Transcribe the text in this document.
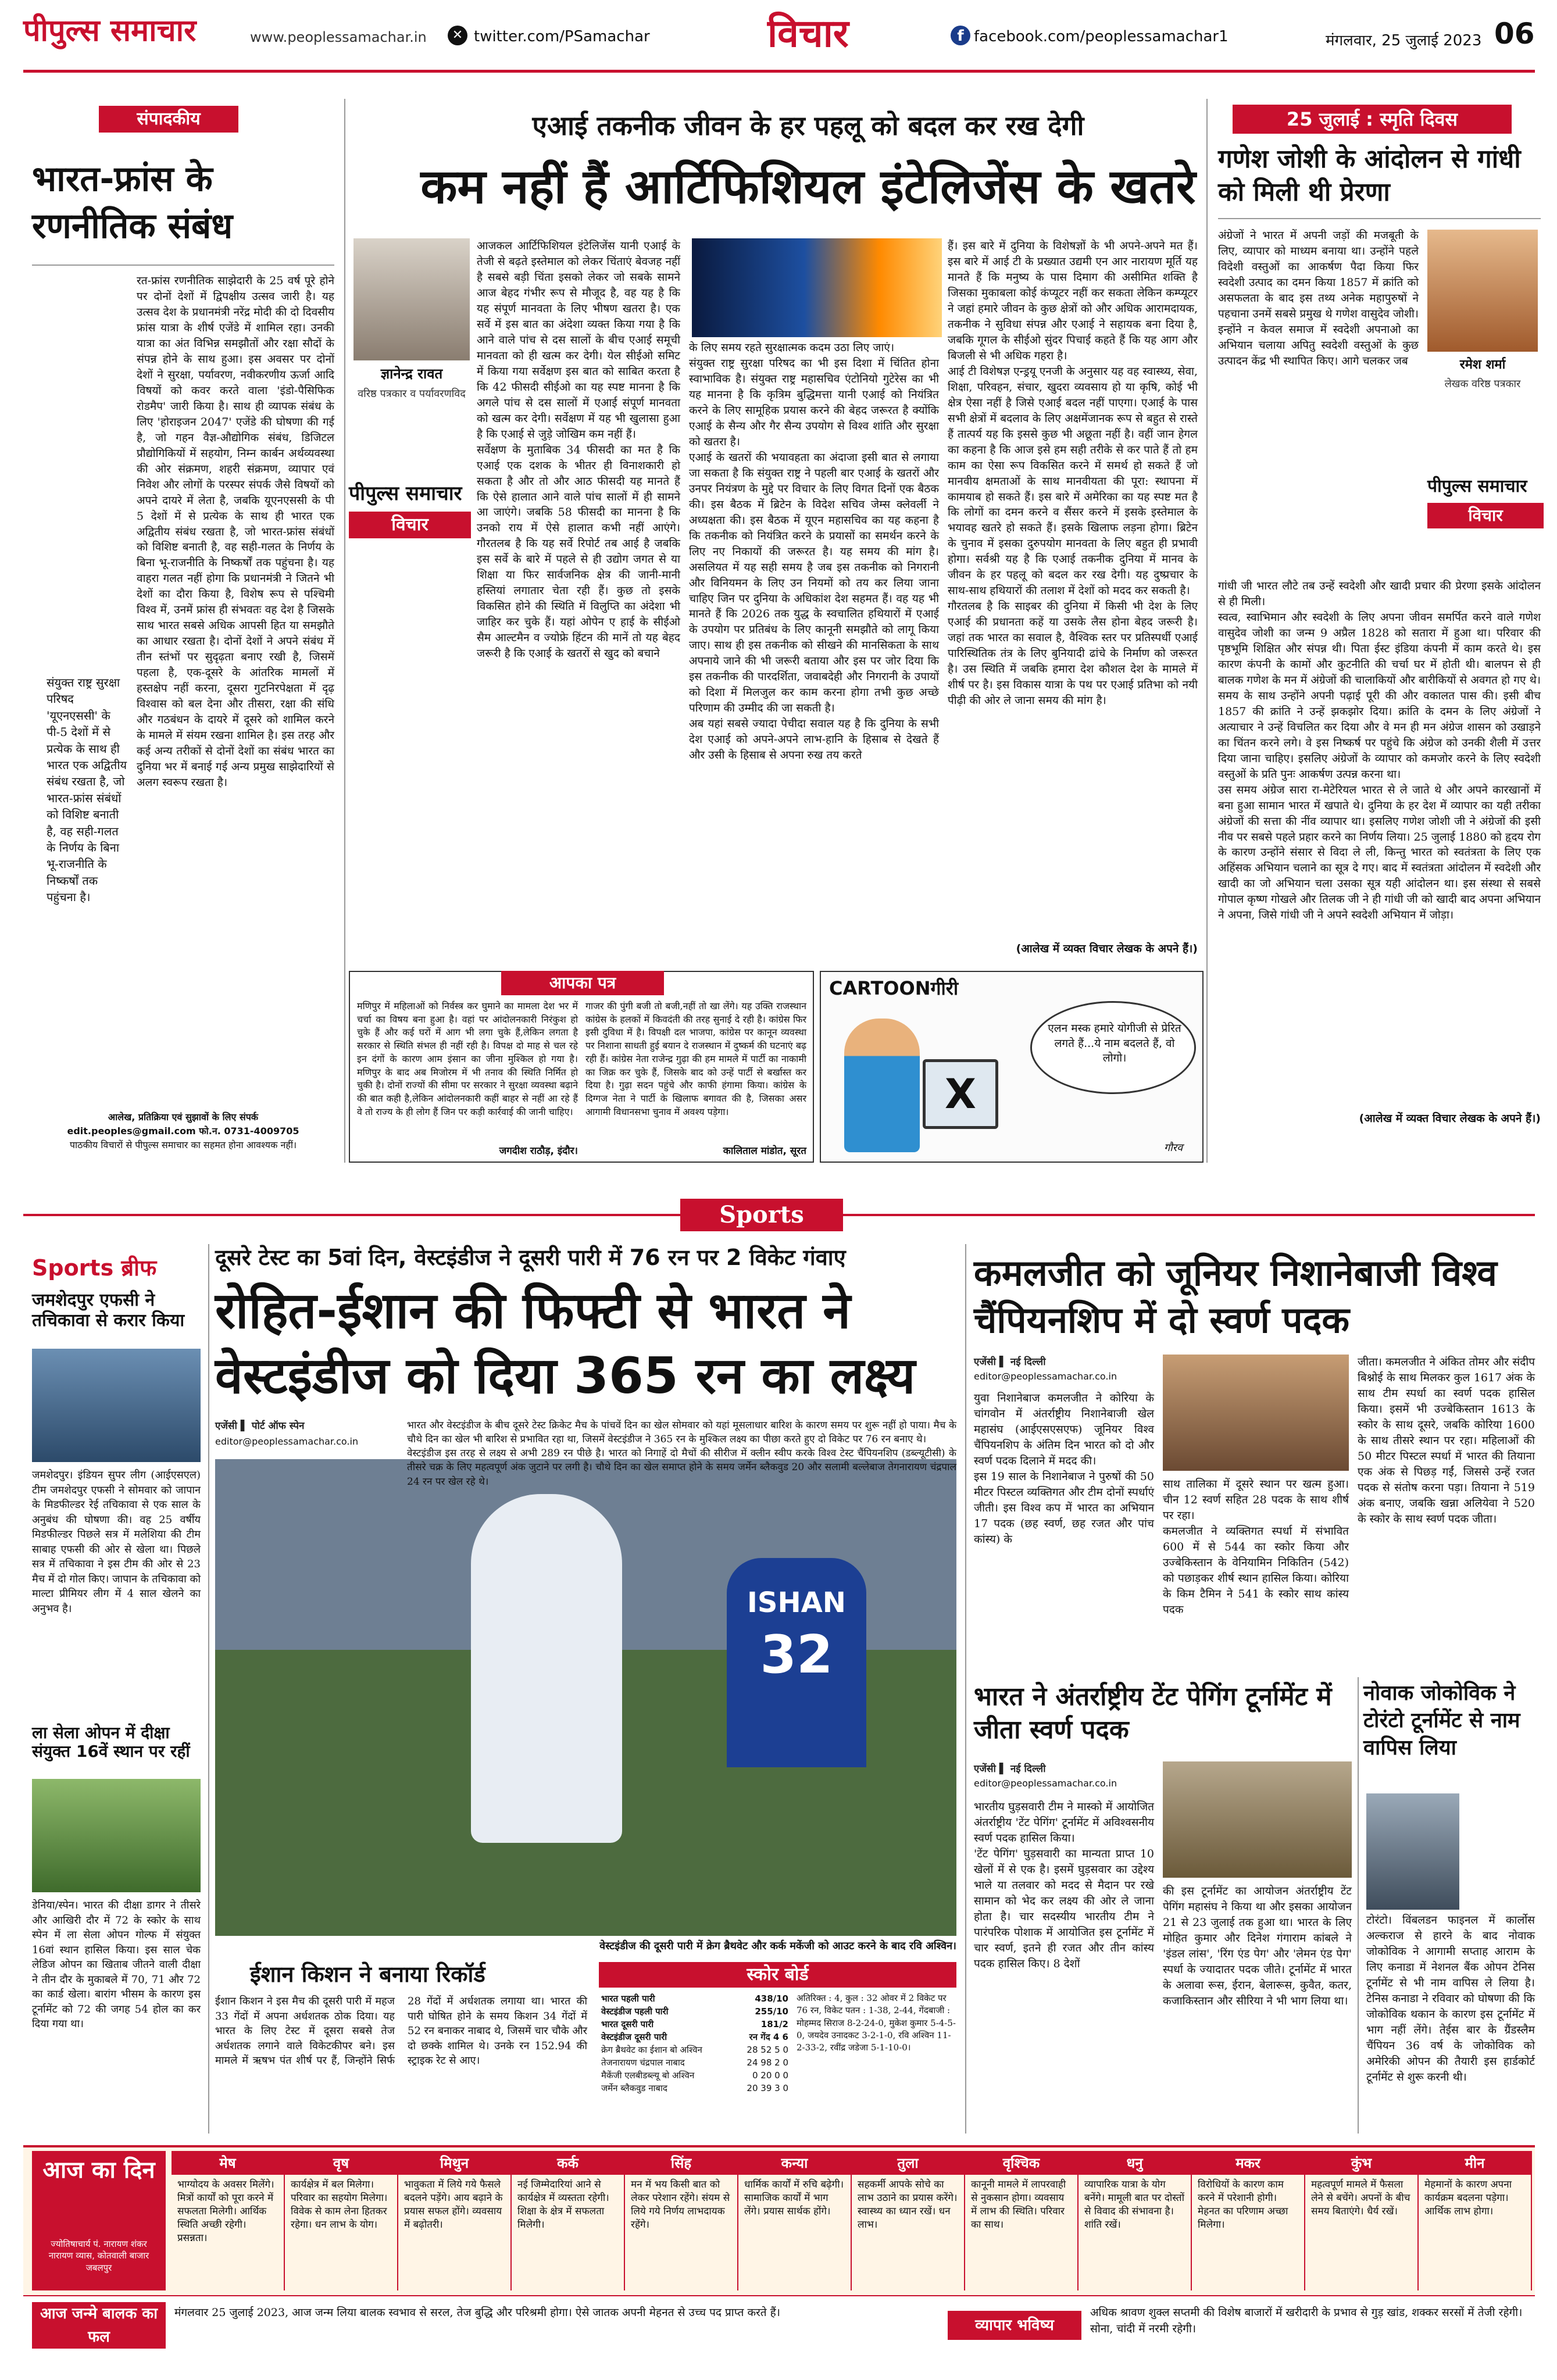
पीपुल्स समाचार	www.peoplessamachar.in	✕ twitter.com/PSamachar	विचार	f facebook.com/peoplessamachar1	मंगलवार, 25 जुलाई 2023 06
संपादकीय
भारत-फ्रांस के रणनीतिक संबंध
संयुक्त राष्ट्र सुरक्षा परिषद 'यूएनएससी' के पी-5 देशों में से प्रत्येक के साथ ही भारत एक अद्वितीय संबंध रखता है, जो भारत-फ्रांस संबंधों को विशिष्ट बनाती है, वह सही-गलत के निर्णय के बिना भू-राजनीति के निष्कर्षों तक पहुंचना है।
रत-फ्रांस रणनीतिक साझेदारी के 25 वर्ष पूरे होने पर दोनों देशों में द्विपक्षीय उत्सव जारी है। यह उत्सव देश के प्रधानमंत्री नरेंद्र मोदी की दो दिवसीय फ्रांस यात्रा के शीर्ष एजेंडे में शामिल रहा। उनकी यात्रा का अंत विभिन्न समझौतों और रक्षा सौदों के संपन्न होने के साथ हुआ। इस अवसर पर दोनों देशों ने सुरक्षा, पर्यावरण, नवीकरणीय ऊर्जा आदि विषयों को कवर करते वाला 'इंडो-पैसिफिक रोडमैप' जारी किया है। साथ ही व्यापक संबंध के लिए 'होराइजन 2047' एजेंडे की घोषणा की गई है, जो गहन वैज्ञ-औद्योगिक संबंध, डिजिटल प्रौद्योगिकियों में सहयोग, निम्न कार्बन अर्थव्यवस्था की ओर संक्रमण, शहरी संक्रमण, व्यापार एवं निवेश और लोगों के परस्पर संपर्क जैसे विषयों को अपने दायरे में लेता है, जबकि यूएनएससी के पी 5 देशों में से प्रत्येक के साथ ही भारत एक अद्वितीय संबंध रखता है, जो भारत-फ्रांस संबंधों को विशिष्ट बनाती है, वह सही-गलत के निर्णय के बिना भू-राजनीति के निष्कर्षों तक पहुंचना है। यह वाहरा गलत नहीं होगा कि प्रधानमंत्री ने जितने भी देशों का दौरा किया है, विशेष रूप से पश्चिमी विश्व में, उनमें फ्रांस ही संभवतः वह देश है जिसके साथ भारत सबसे अधिक आपसी हित या समझौते का आधार रखता है। दोनों देशों ने अपने संबंध में तीन स्तंभों पर सुदृढ़ता बनाए रखी है, जिसमें पहला है, एक-दूसरे के आंतरिक मामलों में हस्तक्षेप नहीं करना, दूसरा गुटनिरपेक्षता में दृढ़ विश्वास को बल देना और तीसरा, रक्षा की संधि और गठबंधन के दायरे में दूसरे को शामिल करने के मामले में संयम रखना शामिल है। इस तरह और कई अन्य तरीकों से दोनों देशों का संबंध भारत का दुनिया भर में बनाई गई अन्य प्रमुख साझेदारियों से अलग स्वरूप रखता है।
आलेख, प्रतिक्रिया एवं सुझावों के लिए संपर्क
edit.peoples@gmail.com फो.न. 0731-4009705
पाठकीय विचारों से पीपुल्स समाचार का सहमत होना आवश्यक नहीं।
एआई तकनीक जीवन के हर पहलू को बदल कर रख देगी
कम नहीं हैं आर्टिफिशियल इंटेलिजेंस के खतरे
ज्ञानेन्द्र रावत
वरिष्ठ पत्रकार व पर्यावरणविद
पीपुल्स समाचार
विचार
आजकल आर्टिफिशियल इंटेलिजेंस यानी एआई के तेजी से बढ़ते इस्तेमाल को लेकर चिंताएं बेवजह नहीं है सबसे बड़ी चिंता इसको लेकर जो सबके सामने आज बेहद गंभीर रूप से मौजूद है, वह यह है कि यह संपूर्ण मानवता के लिए भीषण खतरा है। एक सर्वे में इस बात का अंदेशा व्यक्त किया गया है कि आने वाले पांच से दस सालों के बीच एआई समूची मानवता को ही खत्म कर देगी। येल सीईओ समिट में किया गया सर्वेक्षण इस बात को साबित करता है कि 42 फीसदी सीईओ का यह स्पष्ट मानना है कि अगले पांच से दस सालों में एआई संपूर्ण मानवता को खत्म कर देगी। सर्वेक्षण में यह भी खुलासा हुआ है कि एआई से जुड़े जोखिम कम नहीं हैं।
सर्वेक्षण के मुताबिक 34 फीसदी का मत है कि एआई एक दशक के भीतर ही विनाशकारी हो सकता है और तो और आठ फीसदी यह मानते हैं कि ऐसे हालात आने वाले पांच सालों में ही सामने आ जाएंगे। जबकि 58 फीसदी का मानना है कि उनको राय में ऐसे हालात कभी नहीं आएंगे। गौरतलब है कि यह सर्वे रिपोर्ट तब आई है जबकि इस सर्वे के बारे में पहले से ही उद्योग जगत से या शिक्षा या फिर सार्वजनिक क्षेत्र की जानी-मानी हस्तियां लगातार चेता रही हैं। कुछ तो इसके विकसित होने की स्थिति में विलुप्ति का अंदेशा भी जाहिर कर चुके हैं। यहां ओपेन ए हाई के सीईओ सैम आल्टमैन व ज्योफ्रे हिंटन की मानें तो यह बेहद जरूरी है कि एआई के खतरों से खुद को बचाने
के लिए समय रहते सुरक्षात्मक कदम उठा लिए जाएं।
संयुक्त राष्ट्र सुरक्षा परिषद का भी इस दिशा में चिंतित होना स्वाभाविक है। संयुक्त राष्ट्र महासचिव एंटोनियो गुटेरेस का भी यह मानना है कि कृत्रिम बुद्धिमत्ता यानी एआई को नियंत्रित करने के लिए सामूहिक प्रयास करने की बेहद जरूरत है क्योंकि एआई के सैन्य और गैर सैन्य उपयोग से विश्व शांति और सुरक्षा को खतरा है।
एआई के खतरों की भयावहता का अंदाजा इसी बात से लगाया जा सकता है कि संयुक्त राष्ट्र ने पहली बार एआई के खतरों और उनपर नियंत्रण के मुद्दे पर विचार के लिए विगत दिनों एक बैठक की। इस बैठक में ब्रिटेन के विदेश सचिव जेम्स क्लेवर्ली ने अध्यक्षता की। इस बैठक में यूएन महासचिव का यह कहना है कि तकनीक को नियंत्रित करने के प्रयासों का समर्थन करने के लिए नए निकायों की जरूरत है। यह समय की मांग है। असलियत में यह सही समय है जब इस तकनीक को निगरानी और विनियमन के लिए उन नियमों को तय कर लिया जाना चाहिए जिन पर दुनिया के अधिकांश देश सहमत हैं। वह यह भी मानते हैं कि 2026 तक युद्ध के स्वचालित हथियारों में एआई के उपयोग पर प्रतिबंध के लिए कानूनी समझौते को लागू किया जाए। साथ ही इस तकनीक को सीखने की मानसिकता के साथ अपनाये जाने की भी जरूरी बताया और इस पर जोर दिया कि इस तकनीक की पारदर्शिता, जवाबदेही और निगरानी के उपायों को दिशा में मिलजुल कर काम करना होगा तभी कुछ अच्छे परिणाम की उम्मीद की जा सकती है।
अब यहां सबसे ज्यादा पेचीदा सवाल यह है कि दुनिया के सभी देश एआई को अपने-अपने लाभ-हानि के हिसाब से देखते हैं और उसी के हिसाब से अपना रुख तय करते
हैं। इस बारे में दुनिया के विशेषज्ञों के भी अपने-अपने मत हैं। इस बारे में आई टी के प्रख्यात उद्यमी एन आर नारायण मूर्ति यह मानते हैं कि मनुष्य के पास दिमाग की असीमित शक्ति है जिसका मुकाबला कोई कंप्यूटर नहीं कर सकता लेकिन कम्प्यूटर ने जहां हमारे जीवन के कुछ क्षेत्रों को और अधिक आरामदायक, तकनीक ने सुविधा संपन्न और एआई ने सहायक बना दिया है, जबकि गूगल के सीईओ सुंदर पिचाई कहते हैं कि यह आग और बिजली से भी अधिक गहरा है।
आई टी विशेषज्ञ एन्ड्रयू एनजी के अनुसार यह वह स्वास्थ्य, सेवा, शिक्षा, परिवहन, संचार, खुदरा व्यवसाय हो या कृषि, कोई भी क्षेत्र ऐसा नहीं है जिसे एआई बदल नहीं पाएगा। एआई के पास सभी क्षेत्रों में बदलाव के लिए अक्षमेंजानक रूप से बहुत से रास्ते हैं तात्पर्य यह कि इससे कुछ भी अछूता नहीं है। वहीं जान हेगल का कहना है कि आज इसे हम सही तरीके से कर पाते हैं तो हम काम का ऐसा रूप विकसित करने में समर्थ हो सकते हैं जो मानवीय क्षमताओं के साथ मानवीयता की पूरा: स्थापना में कामयाब हो सकते हैं। इस बारे में अमेरिका का यह स्पष्ट मत है कि लोगों का दमन करने व सैंसर करने में इसके इस्तेमाल के भयावह खतरे हो सकते हैं। इसके खिलाफ लड़ना होगा। ब्रिटेन के चुनाव में इसका दुरुपयोग मानवता के लिए बहुत ही प्रभावी होगा। सर्वश्री यह है कि एआई तकनीक दुनिया में मानव के जीवन के हर पहलू को बदल कर रख देगी। यह दुष्प्रचार के साथ-साथ हथियारों की तलाश में देशों को मदद कर सकती है।
गौरतलब है कि साइबर की दुनिया में किसी भी देश के लिए एआई की प्रधानता कहें या उसके लैस होना बेहद जरूरी है। जहां तक भारत का सवाल है, वैश्विक स्तर पर प्रतिस्पर्धी एआई पारिस्थितिक तंत्र के लिए बुनियादी ढांचे के निर्माण को जरूरत है। उस स्थिति में जबकि हमारा देश कौशल देश के मामले में शीर्ष पर है। इस विकास यात्रा के पथ पर एआई प्रतिभा को नयी पीढ़ी की ओर ले जाना समय की मांग है।
(आलेख में व्यक्त विचार लेखक के अपने हैं।)
25 जुलाई : स्मृति दिवस
गणेश जोशी के आंदोलन से गांधी को मिली थी प्रेरणा
अंग्रेजों ने भारत में अपनी जड़ों की मजबूती के लिए, व्यापार को माध्यम बनाया था। उन्होंने पहले विदेशी वस्तुओं का आकर्षण पैदा किया फिर स्वदेशी उत्पाद का दमन किया 1857 में क्रांति को असफलता के बाद इस तथ्य अनेक महापुरुषों ने पहचाना उनमें सबसे प्रमुख थे गणेश वासुदेव जोशी। इन्होंने न केवल समाज में स्वदेशी अपनाओ का अभियान चलाया अपितु स्वदेशी वस्तुओं के कुछ उत्पादन केंद्र भी स्थापित किए। आगे चलकर जब	रमेश शर्मा
लेखक वरिष्ठ पत्रकार
पीपुल्स समाचार
विचार
गांधी जी भारत लौटे तब उन्हें स्वदेशी और खादी प्रचार की प्रेरणा इसके आंदोलन से ही मिली।
स्वत्व, स्वाभिमान और स्वदेशी के लिए अपना जीवन समर्पित करने वाले गणेश वासुदेव जोशी का जन्म 9 अप्रैल 1828 को सतारा में हुआ था। परिवार की पृष्ठभूमि शिक्षित और संपन्न थी। पिता ईस्ट इंडिया कंपनी में काम करते थे। इस कारण कंपनी के कामों और कुटनीति की चर्चा घर में होती थी। बालपन से ही बालक गणेश के मन में अंग्रेजों की चालाकियों और बारीकियों से अवगत हो गए थे। समय के साथ उन्होंने अपनी पढ़ाई पूरी की और वकालत पास की। इसी बीच 1857 की क्रांति ने उन्हें झकझोर दिया। क्रांति के दमन के लिए अंग्रेजों ने अत्याचार ने उन्हें विचलित कर दिया और वे मन ही मन अंग्रेज शासन को उखाड़ने का चिंतन करने लगे। वे इस निष्कर्ष पर पहुंचे कि अंग्रेज को उनकी शैली में उत्तर दिया जाना चाहिए। इसलिए अंग्रेजों के व्यापार को कमजोर करने के लिए स्वदेशी वस्तुओं के प्रति पुनः आकर्षण उत्पन्न करना था।
उस समय अंग्रेज सारा रा-मेटेरियल भारत से ले जाते थे और अपने कारखानों में बना हुआ सामान भारत में खपाते थे। दुनिया के हर देश में व्यापार का यही तरीका अंग्रेजों की सत्ता की नींव व्यापार था। इसलिए गणेश जोशी जी ने अंग्रेजों की इसी नीव पर सबसे पहले प्रहार करने का निर्णय लिया। 25 जुलाई 1880 को हृदय रोग के कारण उन्होंने संसार से विदा ले ली, किन्तु भारत को स्वतंत्रता के लिए एक अहिंसक अभियान चलाने का सूत्र दे गए। बाद में स्वतंत्रता आंदोलन में स्वदेशी और खादी का जो अभियान चला उसका सूत्र यही आंदोलन था। इस संस्था से सबसे गोपाल कृष्ण गोखले और तिलक जी ने ही गांधी जी को खादी बाद अपना अभियान ने अपना, जिसे गांधी जी ने अपने स्वदेशी अभियान में जोड़ा।
(आलेख में व्यक्त विचार लेखक के अपने हैं।)
आपका पत्र
मणिपुर में महिलाओं को निर्वस्त्र कर घुमाने का मामला देश भर में चर्चा का विषय बना हुआ है। वहां पर आंदोलनकारी निरंकुश हो चुके हैं और कई घरों में आग भी लगा चुके हैं,लेकिन लगता है सरकार से स्थिति संभल ही नहीं रही है। विपक्ष दो माह से चल रहे इन दंगों के कारण आम इंसान का जीना मुश्किल हो गया है। मणिपुर के बाद अब मिजोरम में भी तनाव की स्थिति निर्मित हो चुकी है। दोनों राज्यों की सीमा पर सरकार ने सुरक्षा व्यवस्था बढ़ाने की बात कही है,लेकिन आंदोलनकारी कहीं बाहर से नहीं आ रहे हैं वे तो राज्य के ही लोग हैं जिन पर कड़ी कार्रवाई की जानी चाहिए।
जगदीश राठौड़, इंदौर।
गाजर की पुंगी बजी तो बजी,नहीं तो खा लेंगे। यह उक्ति राजस्थान कांग्रेस के हलकों में किवदंती की तरह सुनाई दे रही है। कांग्रेस फिर इसी दुविधा में है। विपक्षी दल भाजपा, कांग्रेस पर कानून व्यवस्था पर निशाना साधती हुई बयान दे राजस्थान में दुष्कर्म की घटनाएं बढ़ रही हैं। कांग्रेस नेता राजेन्द्र गुढ़ा की हम मामले में पार्टी का नाकामी का जिक्र कर चुके हैं, जिसके बाद को उन्हें पार्टी से बर्खास्त कर दिया है। गुढ़ा सदन पहुंचे और काफी हंगामा किया। कांग्रेस के दिग्गज नेता ने पार्टी के खिलाफ बगावत की है, जिसका असर आगामी विधानसभा चुनाव में अवश्य पड़ेगा।
कालिताल मांडोत, सूरत
CARTOONगीरी
X
एलन मस्क हमारे योगीजी से प्रेरित लगते हैं...ये नाम बदलते हैं, वो लोगो।
गौरव
Sports
Sports ब्रीफ
जमशेदपुर एफसी ने तचिकावा से करार किया
जमशेदपुर। इंडियन सुपर लीग (आईएसएल) टीम जमशेदपुर एफसी ने सोमवार को जापान के मिडफील्डर रेई तचिकावा से एक साल के अनुबंध की घोषणा की। वह 25 वर्षीय मिडफील्डर पिछले सत्र में मलेशिया की टीम साबाह एफसी की ओर से खेला था। पिछले सत्र में तचिकावा ने इस टीम की ओर से 23 मैच में दो गोल किए। जापान के तचिकावा को माल्टा प्रीमियर लीग में 4 साल खेलने का अनुभव है।
ला सेला ओपन में दीक्षा संयुक्त 16वें स्थान पर रहीं
डेनिया/स्पेन। भारत की दीक्षा डागर ने तीसरे और आखिरी दौर में 72 के स्कोर के साथ स्पेन में ला सेला ओपन गोल्फ में संयुक्त 16वां स्थान हासिल किया। इस साल चेक लेडिज ओपन का खिताब जीतने वाली दीक्षा ने तीन दौर के मुकाबले में 70, 71 और 72 का कार्ड खेला। बारांग भीसम के कारण इस टूर्नामेंट को 72 की जगह 54 होल का कर दिया गया था।
दूसरे टेस्ट का 5वां दिन, वेस्टइंडीज ने दूसरी पारी में 76 रन पर 2 विकेट गंवाए
रोहित-ईशान की फिफ्टी से भारत ने वेस्टइंडीज को दिया 365 रन का लक्ष्य
एजेंसी ▌ पोर्ट ऑफ स्पेन
editor@peoplessamachar.co.in
ISHAN
32
वेस्टइंडीज की दूसरी पारी में क्रेग ब्रैथवेट और कर्क मकेंजी को आउट करने के बाद रवि अश्विन।
ईशान किशन ने बनाया रिकॉर्ड
ईशान किशन ने इस मैच की दूसरी पारी में महज 33 गेंदों में अपना अर्धशतक ठोक दिया। यह भारत के लिए टेस्ट में दूसरा सबसे तेज अर्धशतक लगाने वाले विकेटकीपर बने। इस मामले में ऋषभ पंत शीर्ष पर हैं, जिन्होंने सिर्फ 28 गेंदों में अर्धशतक लगाया था। भारत की पारी घोषित होने के समय किशन 34 गेंदों में 52 रन बनाकर नाबाद थे, जिसमें चार चौके और दो छक्के शामिल थे। उनके रन 152.94 की स्ट्राइक रेट से आए।
स्कोर बोर्ड
भारत पहली पारी	438/10
वेस्टइंडीज पहली पारी	255/10
भारत दूसरी पारी	181/2
वेस्टइंडीज दूसरी पारी	रन गेंद 4 6
क्रेग ब्रैथवेट का ईशान बो अश्विन	28 52 5 0
तेजनारायण चंद्रपाल नाबाद	24 98 2 0
मैकेंजी एलबीडब्ल्यू बो अश्विन	0 20 0 0
जर्मेन ब्लैकवुड नाबाद	20 39 3 0
अतिरिक्त : 4, कुल : 32 ओवर में 2 विकेट पर 76 रन, विकेट पतन : 1-38, 2-44, गेंदबाजी : मोहम्मद सिराज 8-2-24-0, मुकेश कुमार 5-4-5-0, जयदेव उनादकट 3-2-1-0, रवि अश्विन 11-2-33-2, रवींद्र जडेजा 5-1-10-0।
कमलजीत को जूनियर निशानेबाजी विश्व चैंपियनशिप में दो स्वर्ण पदक
एजेंसी ▌ नई दिल्ली
editor@peoplessamachar.co.in
युवा निशानेबाज कमलजीत ने कोरिया के चांगवोन में अंतर्राष्ट्रीय निशानेबाजी खेल महासंघ (आईएसएसएफ) जूनियर विश्व चैंपियनशिप के अंतिम दिन भारत को दो और स्वर्ण पदक दिलाने में मदद की।
इस 19 साल के निशानेबाज ने पुरुषों की 50 मीटर पिस्टल व्यक्तिगत और टीम दोनों स्पर्धाएं जीती। इस विश्व कप में भारत का अभियान 17 पदक (छह स्वर्ण, छह रजत और पांच कांस्य) के
साथ तालिका में दूसरे स्थान पर खत्म हुआ। चीन 12 स्वर्ण सहित 28 पदक के साथ शीर्ष पर रहा।
कमलजीत ने व्यक्तिगत स्पर्धा में संभावित 600 में से 544 का स्कोर किया और उज्बेकिस्तान के वेनियामिन निकितिन (542) को पछाड़कर शीर्ष स्थान हासिल किया। कोरिया के किम टैमिन ने 541 के स्कोर साथ कांस्य पदक
जीता। कमलजीत ने अंकित तोमर और संदीप बिश्नोई के साथ मिलकर कुल 1617 अंक के साथ टीम स्पर्धा का स्वर्ण पदक हासिल किया। इसमें भी उज्बेकिस्तान 1613 के स्कोर के साथ दूसरे, जबकि कोरिया 1600 के साथ तीसरे स्थान पर रहा। महिलाओं की 50 मीटर पिस्टल स्पर्धा में भारत की तियाना एक अंक से पिछड़ गईं, जिससे उन्हें रजत पदक से संतोष करना पड़ा। तियाना ने 519 अंक बनाए, जबकि खन्ना अलियेवा ने 520 के स्कोर के साथ स्वर्ण पदक जीता।
भारत ने अंतर्राष्ट्रीय टेंट पेगिंग टूर्नामेंट में जीता स्वर्ण पदक
एजेंसी ▌ नई दिल्ली
editor@peoplessamachar.co.in
भारतीय घुड़सवारी टीम ने मास्को में आयोजित अंतर्राष्ट्रीय 'टेंट पेगिंग' टूर्नामेंट में अविश्वसनीय स्वर्ण पदक हासिल किया।
'टेंट पेगिंग' घुड़सवारी का मान्यता प्राप्त 10 खेलों में से एक है। इसमें घुड़सवार का उद्देश्य भाले या तलवार को मदद से मैदान पर रखे सामान को भेद कर लक्ष्य की ओर ले जाना होता है। चार सदस्यीय भारतीय टीम ने पारंपरिक पोशाक में आयोजित इस टूर्नामेंट में चार स्वर्ण, इतने ही रजत और तीन कांस्य पदक हासिल किए। 8 देशों
की इस टूर्नामेंट का आयोजन अंतर्राष्ट्रीय टेंट पेगिंग महासंघ ने किया था और इसका आयोजन 21 से 23 जुलाई तक हुआ था। भारत के लिए मोहित कुमार और दिनेश गंगाराम कांबले ने 'इंडल लांस', 'रिंग एंड पेग' और 'लेमन एंड पेग' स्पर्धा के ज्यादातर पदक जीते। टूर्नामेंट में भारत के अलावा रूस, ईरान, बेलारूस, कुवैत, कतर, कजाकिस्तान और सीरिया ने भी भाग लिया था।
नोवाक जोकोविक ने टोरंटो टूर्नामेंट से नाम वापिस लिया
टोरंटो। विंबलडन फाइनल में कार्लोस अल्कराज से हारने के बाद नोवाक जोकोविक ने आगामी सप्ताह आराम के लिए कनाडा में नेशनल बैंक ओपन टेनिस टूर्नामेंट से भी नाम वापिस ले लिया है। टेनिस कनाडा ने रविवार को घोषणा की कि जोकोविक थकान के कारण इस टूर्नामेंट में भाग नहीं लेंगे। तेईस बार के ग्रैंडस्लैम चैंपियन 36 वर्ष के जोकोविक को अमेरिकी ओपन की तैयारी इस हार्डकोर्ट टूर्नामेंट से शुरू करनी थी।
आज का दिन
ज्योतिषाचार्य पं. नारायण शंकर नारायण व्यास, कोतवाली बाजार जबलपुर
मेष
भाग्योदय के अवसर मिलेंगे। मित्रों कार्यों को पूरा करने में सफलता मिलेगी। आर्थिक स्थिति अच्छी रहेगी। प्रसन्नता।
वृष
कार्यक्षेत्र में बल मिलेगा। परिवार का सहयोग मिलेगा। विवेक से काम लेना हितकर रहेगा। धन लाभ के योग।
मिथुन
भावुकता में लिये गये फैसले बदलने पड़ेंगे। आय बढ़ाने के प्रयास सफल होंगे। व्यवसाय में बढ़ोतरी।
कर्क
नई जिम्मेदारियां आने से कार्यक्षेत्र में व्यस्तता रहेगी। शिक्षा के क्षेत्र में सफलता मिलेगी।
सिंह
मन में भय किसी बात को लेकर परेशान रहेंगे। संयम से लिये गये निर्णय लाभदायक रहेंगे।
कन्या
धार्मिक कार्यों में रुचि बढ़ेगी। सामाजिक कार्यों में भाग लेंगे। प्रयास सार्थक होंगे।
तुला
सहकर्मी आपके सोचे का लाभ उठाने का प्रयास करेंगे। स्वास्थ्य का ध्यान रखें। धन लाभ।
वृश्चिक
कानूनी मामले में लापरवाही से नुकसान होगा। व्यवसाय में लाभ की स्थिति। परिवार का साथ।
धनु
व्यापारिक यात्रा के योग बनेंगे। मामूली बात पर दोस्तों से विवाद की संभावना है। शांति रखें।
मकर
विरोधियों के कारण काम करने में परेशानी होगी। मेहनत का परिणाम अच्छा मिलेगा।
कुंभ
महत्वपूर्ण मामले में फैसला लेने से बचेंगे। अपनों के बीच समय बिताएंगे। धैर्य रखें।
मीन
मेहमानों के कारण अपना कार्यक्रम बदलना पड़ेगा। आर्थिक लाभ होगा।
आज जन्मे बालक का फल
मंगलवार 25 जुलाई 2023, आज जन्म लिया बालक स्वभाव से सरल, तेज बुद्धि और परिश्रमी होगा। ऐसे जातक अपनी मेहनत से उच्च पद प्राप्त करते हैं।
व्यापार भविष्य
अधिक श्रावण शुक्ल सप्तमी की विशेष बाजारों में खरीदारी के प्रभाव से गुड़ खांड, शक्कर सरसों में तेजी रहेगी। सोना, चांदी में नरमी रहेगी।
भारत और वेस्टइंडीज के बीच दूसरे टेस्ट क्रिकेट मैच के पांचवें दिन का खेल सोमवार को यहां मूसलाधार बारिश के कारण समय पर शुरू नहीं हो पाया। मैच के चौथे दिन का खेल भी बारिश से प्रभावित रहा था, जिसमें वेस्टइंडीज ने 365 रन के मुश्किल लक्ष्य का पीछा करते हुए दो विकेट पर 76 रन बनाए थे।
वेस्टइंडीज इस तरह से लक्ष्य से अभी 289 रन पीछे है। भारत को निगाहें दो मैचों की सीरीज में क्लीन स्वीप करके विश्व टेस्ट चैंपियनशिप (डब्ल्यूटीसी) के तीसरे चक्र के लिए महत्वपूर्ण अंक जुटाने पर लगी है। चौथे दिन का खेल समाप्त होने के समय जर्मेन ब्लैकवुड 20 और सलामी बल्लेबाज तेगनारायण चंद्रपाल 24 रन पर खेल रहे थे।
